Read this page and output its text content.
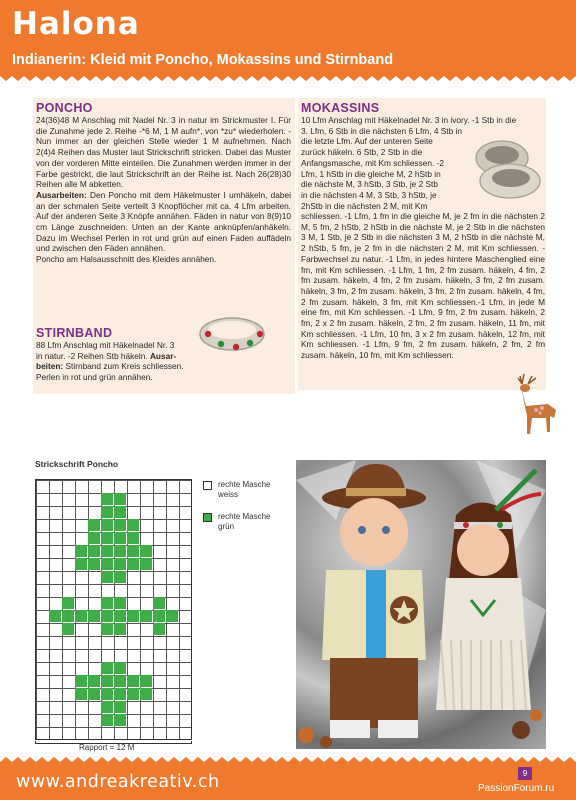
Halona
Indianerin: Kleid mit Poncho, Mokassins und Stirnband
PONCHO
24(36)48 M Anschlag mit Nadel Nr. 3 in natur im Strickmuster I. Für die Zunahme jede 2. Reihe -*6 M, 1 M aufn*, von *zu* wiederholen. -Nun immer an der gleichen Stelle wieder 1 M aufnehmen. Nach 2(4)4 Reihen das Muster laut Strickschrift stricken. Dabei das Muster von der vorderen Mitte einteilen. Die Zunahmen werden immer in der Farbe gestrickt, die laut Strickschrift an der Reihe ist. Nach 26(28)30 Reihen alle M abketten.
Ausarbeiten: Den Poncho mit dem Häkelmuster I umhäkeln, dabei an der schmalen Seite verteilt 3 Knopflöcher mit ca. 4 Lfm arbeiten. Auf der anderen Seite 3 Knöpfe annähen. Fäden in natur von 8(9)10 cm Länge zuschneiden. Unten an der Kante anknüpfen/anhäkeln. Dazu im Wechsel Perlen in rot und grün auf einen Faden auffädeln und zwischen den Fäden annähen.
Poncho am Halsausschnitt des Kleides annähen.
STIRNBAND
88 Lfm Anschlag mit Häkelnadel Nr. 3
in natur. -2 Reihen Stb häkeln. Ausar-
beiten: Stirnband zum Kreis schliessen.
Perlen in rot und grün annähen.
MOKASSINS
10 Lfm Anschlag mit Häkelnadel Nr. 3 in ivory. -1 Stb in die
3. Lfm, 6 Stb in die nächsten 6 Lfm, 4 Stb in
die letzte Lfm. Auf der unteren Seite
zurück häkeln. 6 Stb, 2 Stb in die
Anfangsmasche, mit Km schliessen. -2
Lfm, 1 hStb in die gleiche M, 2 hStb in
die nächste M, 3 hStb, 3 Stb, je 2 Stb
in die nächsten 4 M, 3 Stb, 3 hStb, je
2hStb in die nächsten 2 M, mit Km
schliessen. -1 Lfm, 1 fm in die gleiche M, je 2 fm in die nächsten 2 M, 5 fm, 2 hStb, 2 hStb in die nächste M, je 2 Stb in die nächsten 3 M, 1 Stb, je 2 Stb in die nächsten 3 M, 2 hStb in die nächste M, 2 hStb, 5 fm, je 2 fm in die nächsten 2 M, mit Km schliessen. -Farbwechsel zu natur. -1 Lfm, in jedes hintere Maschenglied eine fm, mit Km schliessen. -1 Lfm, 1 fm, 2 fm zusam. häkeln, 4 fm, 2 fm zusam. häkeln, 4 fm, 2 fm zusam. häkeln, 3 fm, 2 fm zusam. häkeln, 3 fm, 2 fm zusam. häkeln, 3 fm, 2 fm zusam. häkeln, 4 fm, 2 fm zusam. häkeln, 3 fm, mit Km schliessen.-1 Lfm, in jede M eine fm, mit Km schliessen. -1 Lfm, 9 fm, 2 fm zusam. häkeln, 2 fm, 2 x 2 fm zusam. häkeln, 2 fm, 2 fm zusam. häkeln, 11 fm, mit Km schliessen. -1 Lfm, 10 fm, 3 x 2 fm zusam. häkeln, 12 fm, mit Km schliessen. -1 Lfm, 9 fm, 2 fm zusam. häkeln, 2 fm, 2 fm zusam. häkeln, 10 fm, mit Km schliessen.
Strickschrift Poncho
Rapport = 12 M
rechte Masche
weiss
rechte Masche
grün
www.andreakreativ.ch	9
PassionForum.ru
